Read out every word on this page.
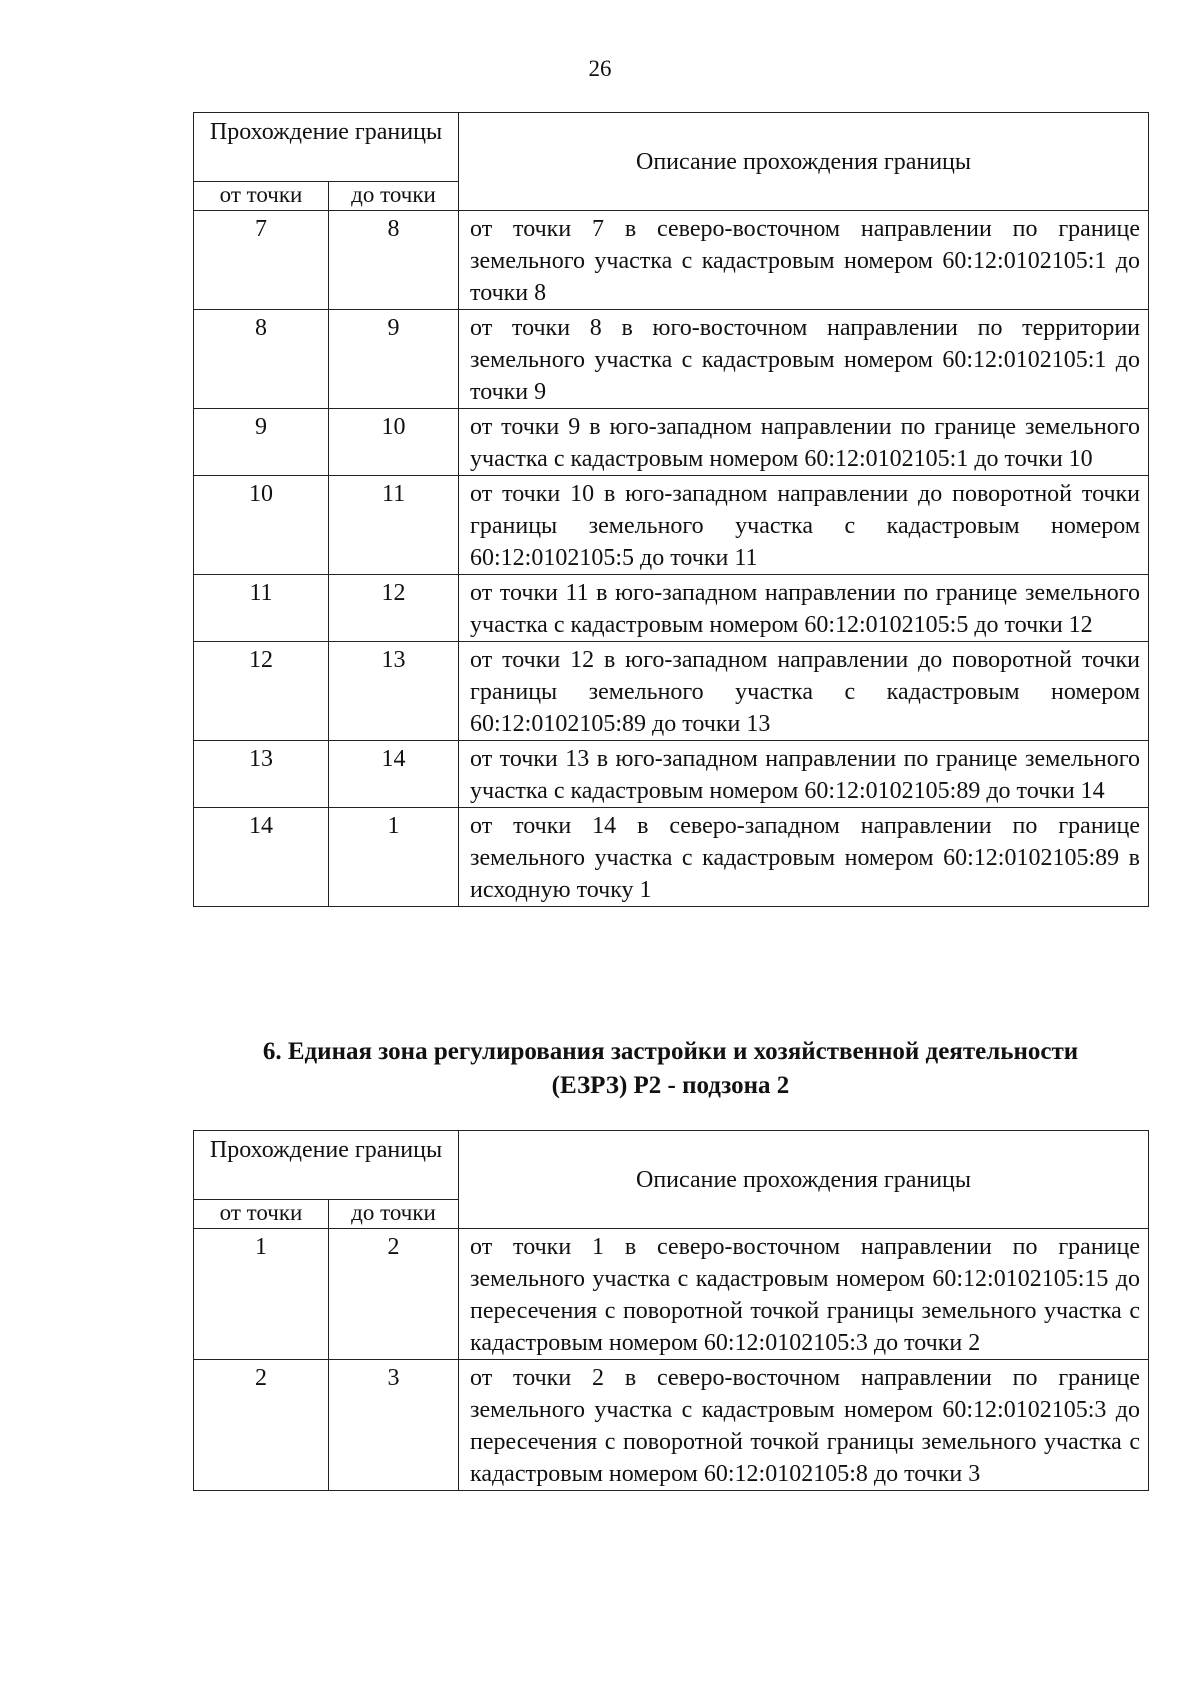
26
Прохождение границы		Описание прохождения границы
от точки	до точки	
7	8	от точки 7 в северо-восточном направлении по границе земельного участка с кадастровым номером 60:12:0102105:1 до точки 8
8	9	от точки 8 в юго-восточном направлении по территории земельного участка с кадастровым номером 60:12:0102105:1 до точки 9
9	10	от точки 9 в юго-западном направлении по границе земельного участка с кадастровым номером 60:12:0102105:1 до точки 10
10	11	от точки 10 в юго-западном направлении до поворотной точки границы земельного участка с кадастровым номером 60:12:0102105:5 до точки 11
11	12	от точки 11 в юго-западном направлении по границе земельного участка с кадастровым номером 60:12:0102105:5 до точки 12
12	13	от точки 12 в юго-западном направлении до поворотной точки границы земельного участка с кадастровым номером 60:12:0102105:89 до точки 13
13	14	от точки 13 в юго-западном направлении по границе земельного участка с кадастровым номером 60:12:0102105:89 до точки 14
14	1	от точки 14 в северо-западном направлении по границе земельного участка с кадастровым номером 60:12:0102105:89 в исходную точку 1
6. Единая зона регулирования застройки и хозяйственной деятельности
(ЕЗРЗ) Р2 - подзона 2
Прохождение границы		Описание прохождения границы
от точки	до точки	
1	2	от точки 1 в северо-восточном направлении по границе земельного участка с кадастровым номером 60:12:0102105:15 до пересечения с поворотной точкой границы земельного участка с кадастровым номером 60:12:0102105:3 до точки 2
2	3	от точки 2 в северо-восточном направлении по границе земельного участка с кадастровым номером 60:12:0102105:3 до пересечения с поворотной точкой границы земельного участка с кадастровым номером 60:12:0102105:8 до точки 3
